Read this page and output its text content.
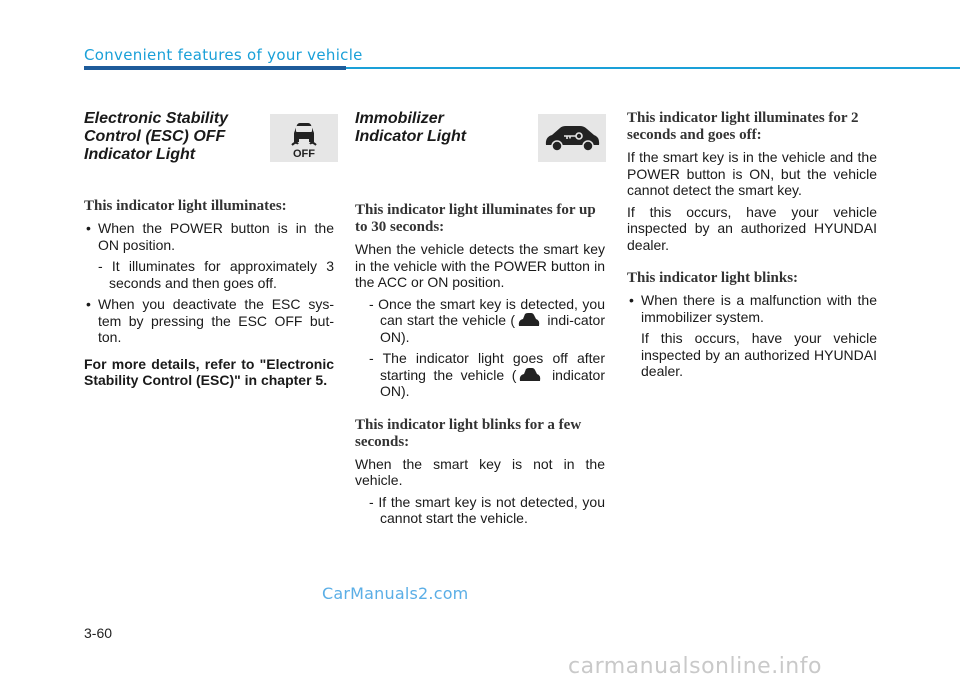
Convenient features of your vehicle
Electronic Stability Control (ESC) OFF Indicator Light	OFF
This indicator light illuminates:
• When the POWER button is in the ON position.
- It illuminates for approximately 3 seconds and then goes off.
• When you deactivate the ESC sys-tem by pressing the ESC OFF but-ton.
For more details, refer to "Electronic Stability Control (ESC)" in chapter 5.
Immobilizer Indicator Light
This indicator light illuminates for up to 30 seconds:

When the vehicle detects the smart key in the vehicle with the POWER button in the ACC or ON position.

- Once the smart key is detected, you can start the vehicle ( indi-cator ON).
- The indicator light goes off after starting the vehicle ( indicator ON).
This indicator light blinks for a few seconds:

When the smart key is not in the vehicle.

- If the smart key is not detected, you cannot start the vehicle.
This indicator light illuminates for 2 seconds and goes off:

If the smart key is in the vehicle and the POWER button is ON, but the vehicle cannot detect the smart key.

If this occurs, have your vehicle inspected by an authorized HYUNDAI dealer.

This indicator light blinks:
• When there is a malfunction with the immobilizer system.
If this occurs, have your vehicle inspected by an authorized HYUNDAI dealer.
CarManuals2.com
3-60
carmanualsonline.info
